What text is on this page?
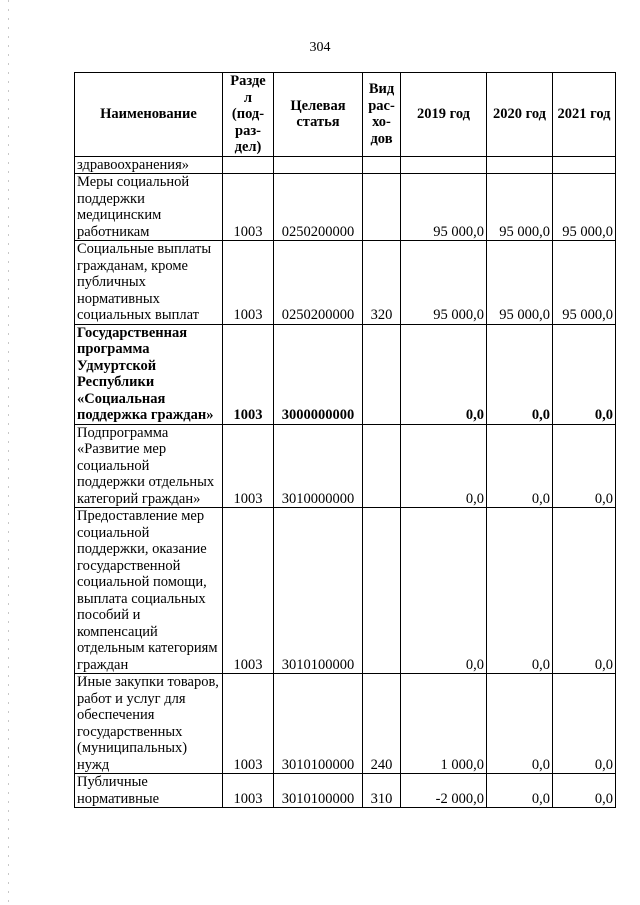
304
Наименование	Раздел (под-раз-дел)	Целевая статья	Вид рас-хо-дов	2019 год	2020 год	2021 год
здравоохранения»						
Меры социальной поддержки медицинским работникам	1003	0250200000		95 000,0	95 000,0	95 000,0
Социальные выплаты гражданам, кроме публичных нормативных социальных выплат	1003	0250200000	320	95 000,0	95 000,0	95 000,0
Государственная программа Удмуртской Республики «Социальная поддержка граждан»	1003	3000000000		0,0	0,0	0,0
Подпрограмма «Развитие мер социальной поддержки отдельных категорий граждан»	1003	3010000000		0,0	0,0	0,0
Предоставление мер социальной поддержки, оказание государственной социальной помощи, выплата социальных пособий и компенсаций отдельным категориям граждан	1003	3010100000		0,0	0,0	0,0
Иные закупки товаров, работ и услуг для обеспечения государственных (муниципальных) нужд	1003	3010100000	240	1 000,0	0,0	0,0
Публичные нормативные	1003	3010100000	310	-2 000,0	0,0	0,0
